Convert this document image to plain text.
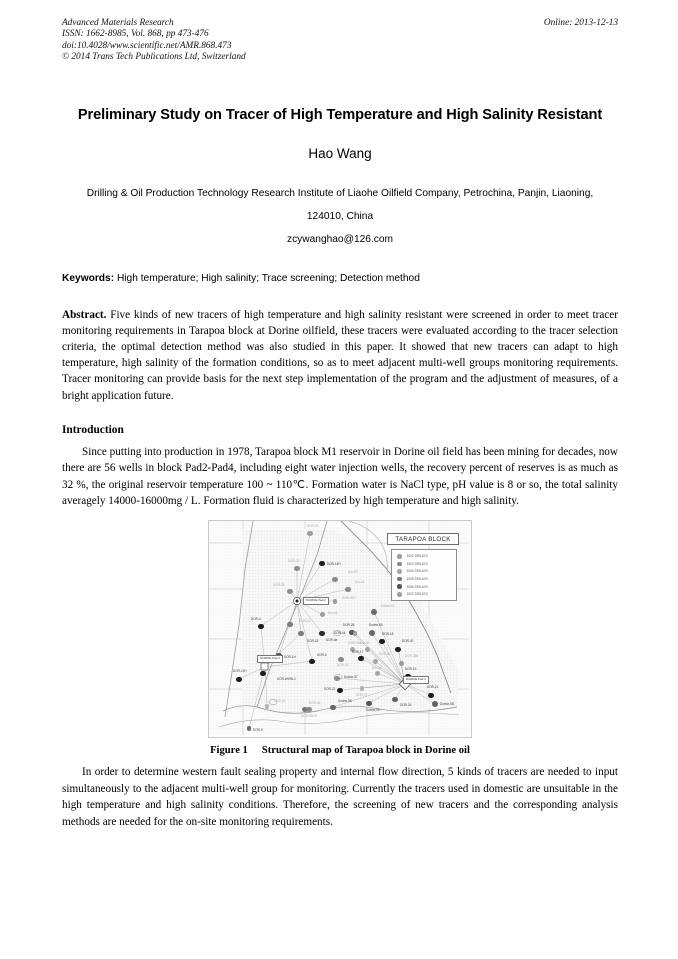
Advanced Materials Research
ISSN: 1662-8985, Vol. 868, pp 473-476
doi:10.4028/www.scientific.net/AMR.868.473
© 2014 Trans Tech Publications Ltd, Switzerland
Online: 2013-12-13
Preliminary Study on Tracer of High Temperature and High Salinity Resistant
Hao Wang
Drilling & Oil Production Technology Research Institute of Liaohe Oilfield Company, Petrochina, Panjin, Liaoning, 124010, China
zcywanghao@126.com
Keywords: High temperature; High salinity; Trace screening; Detection method
Abstract. Five kinds of new tracers of high temperature and high salinity resistant were screened in order to meet tracer monitoring requirements in Tarapoa block at Dorine oilfield, these tracers were evaluated according to the tracer selection criteria, the optimal detection method was also studied in this paper. It showed that new tracers can adapt to high temperature, high salinity of the formation conditions, so as to meet adjacent multi-well groups monitoring requirements. Tracer monitoring can provide basis for the next step implementation of the program and the adjustment of measures, of a bright application future.
Introduction
Since putting into production in 1978, Tarapoa block M1 reservoir in Dorine oil field has been mining for decades, now there are 56 wells in block Pad2-Pad4, including eight water injection wells, the recovery percent of reserves is as much as 32 %, the original reservoir temperature 100 ~ 110℃. Formation water is NaCl type, pH value is 8 or so, the total salinity averagely 14000-16000mg / L. Formation fluid is characterized by high temperature and high salinity.
TARAPOA BLOCK
2002 DRILLED
2003 DRILLED
2004 DRILLED
2005 DRILLED
2006 DRILLED
2007 DRILLED
DOR-39
DOR-35
DOR-14H
DOR-33
Dor-60
Dor-61
DOR-20H
DOR-4	DOR-32
Dor-62
Dorine-63
DOR-28	Dorine-60
DOR-44	DOR-18
DOR-43 DOR-4b
DOR-33b
Dor-30	DOR-40
DOR-17	DOR-34	DOR-35b
DOR-5
DOR-1H
DOR-41
Dor-36	DOR-19
DOR-13H
DOR-WOW-1	Dorine-57
DOR-22
DOR-47
DOR-21
Dorine-56
DOR-45
DOR-42
DOR-55GH
Dorine-59
DOR-26	Dorine-58
DOR-9
DORINE Pad-2
DORINE Pad-3
DORINE Pad-4
Figure 1 Structural map of Tarapoa block in Dorine oil
In order to determine western fault sealing property and internal flow direction, 5 kinds of tracers are needed to input simultaneously to the adjacent multi-well group for monitoring. Currently the tracers used in domestic are unsuitable in the high temperature and high salinity conditions. Therefore, the screening of new tracers and the corresponding analysis methods are needed for the on-site monitoring requirements.
